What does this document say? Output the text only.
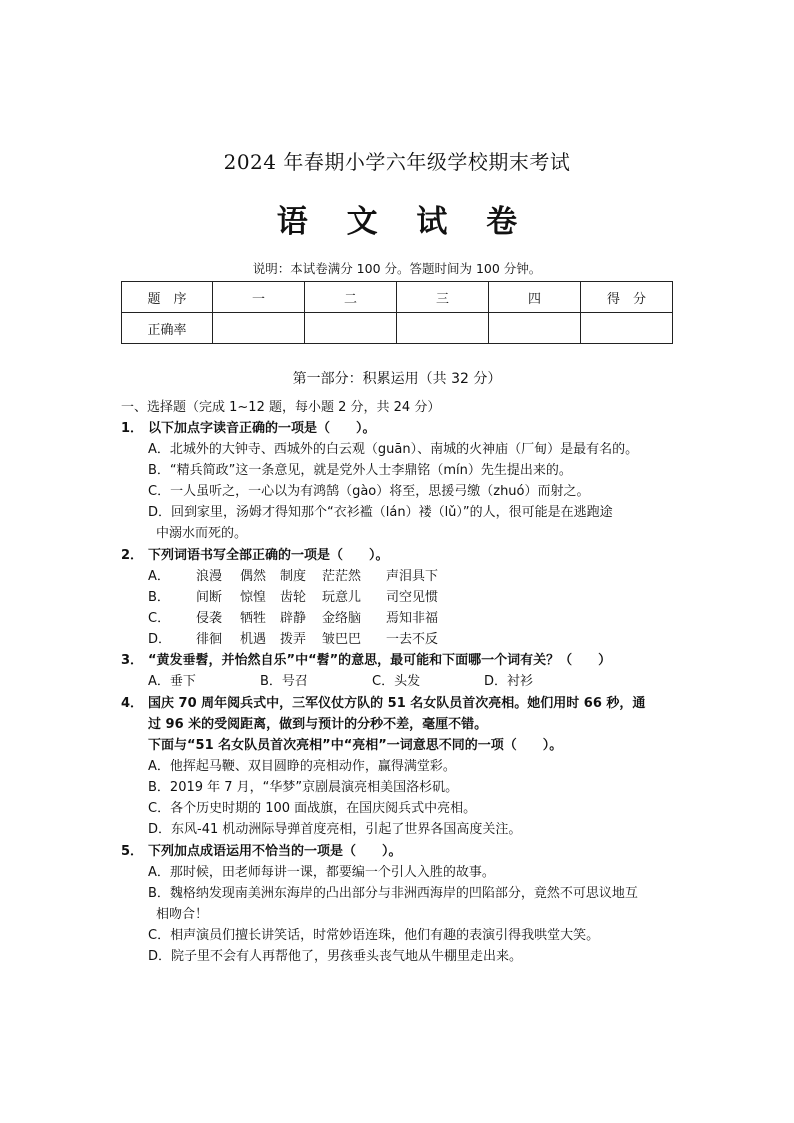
2024 年春期小学六年级学校期末考试
语 文 试 卷
说明：本试卷满分 100 分。答题时间为 100 分钟。
题　序	一	二	三	四	得　分
正确率					
第一部分：积累运用（共 32 分）
一、选择题（完成 1~12 题，每小题 2 分，共 24 分）
1． 以下加点字读音正确的一项是（　　）。
A．北城外的大钟寺、西城外的白云观（guān）、南城的火神庙（厂甸）是最有名的。
B．“精兵简政”这一条意见，就是党外人士李鼎铭（mín）先生提出来的。
C．一人虽听之，一心以为有鸿鹄（gào）将至，思援弓缴（zhuó）而射之。
D．回到家里，汤姆才得知那个“衣衫褴（lán）褛（lǔ）”的人，很可能是在逃跑途
中溺水而死的。
2． 下列词语书写全部正确的一项是（　　）。
A． 浪漫 偶然 制度 茫茫然 声泪具下
B． 间断 惊惶 齿轮 玩意儿 司空见惯
C． 侵袭 牺牲 辟静 金络脑 焉知非福
D． 徘徊 机遇 拨弄 皱巴巴 一去不反
3． “黄发垂髫，并怡然自乐”中“髫”的意思，最可能和下面哪一个词有关？（　　）
A．垂下	B．号召	C．头发	D．衬衫
4． 国庆 70 周年阅兵式中，三军仪仗方队的 51 名女队员首次亮相。她们用时 66 秒，通
过 96 米的受阅距离，做到与预计的分秒不差，毫厘不错。
下面与“51 名女队员首次亮相”中“亮相”一词意思不同的一项（　　）。
A．他挥起马鞭、双目圆睁的亮相动作，赢得满堂彩。
B．2019 年 7 月，“华梦”京剧晨演亮相美国洛杉矶。
C．各个历史时期的 100 面战旗，在国庆阅兵式中亮相。
D．东风-41 机动洲际导弹首度亮相，引起了世界各国高度关注。
5． 下列加点成语运用不恰当的一项是（　　）。
A．那时候，田老师每讲一课，都要编一个引人入胜的故事。
B．魏格纳发现南美洲东海岸的凸出部分与非洲西海岸的凹陷部分，竟然不可思议地互
相吻合！
C．相声演员们擅长讲笑话，时常妙语连珠，他们有趣的表演引得我哄堂大笑。
D．院子里不会有人再帮他了，男孩垂头丧气地从牛棚里走出来。
